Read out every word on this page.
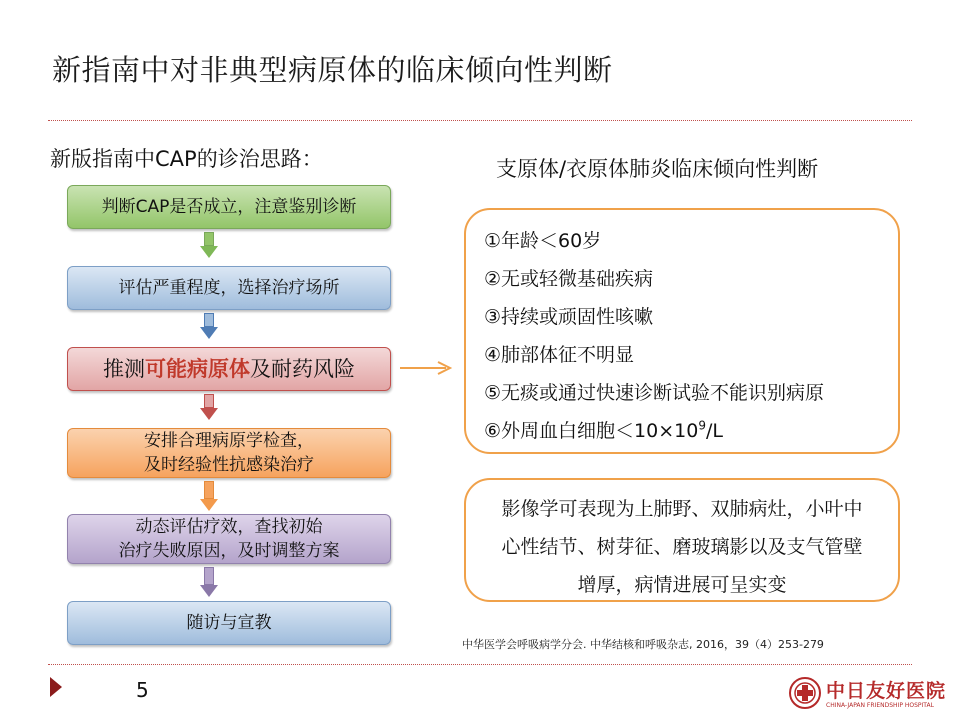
新指南中对非典型病原体的临床倾向性判断
新版指南中CAP的诊治思路：	支原体/衣原体肺炎临床倾向性判断
判断CAP是否成立，注意鉴别诊断
评估严重程度，选择治疗场所
推测可能病原体及耐药风险
安排合理病原学检查，
及时经验性抗感染治疗
动态评估疗效，查找初始
治疗失败原因，及时调整方案
随访与宣教
①年龄＜60岁
②无或轻微基础疾病
③持续或顽固性咳嗽
④肺部体征不明显
⑤无痰或通过快速诊断试验不能识别病原
⑥外周血白细胞$<10\times 10^9/L$
影像学可表现为上肺野、双肺病灶，小叶中
心性结节、树芽征、磨玻璃影以及支气管壁
增厚，病情进展可呈实变
中华医学会呼吸病学分会. 中华结核和呼吸杂志, 2016，39（4）253-279
5	中日友好医院
CHINA-JAPAN FRIENDSHIP HOSPITAL
